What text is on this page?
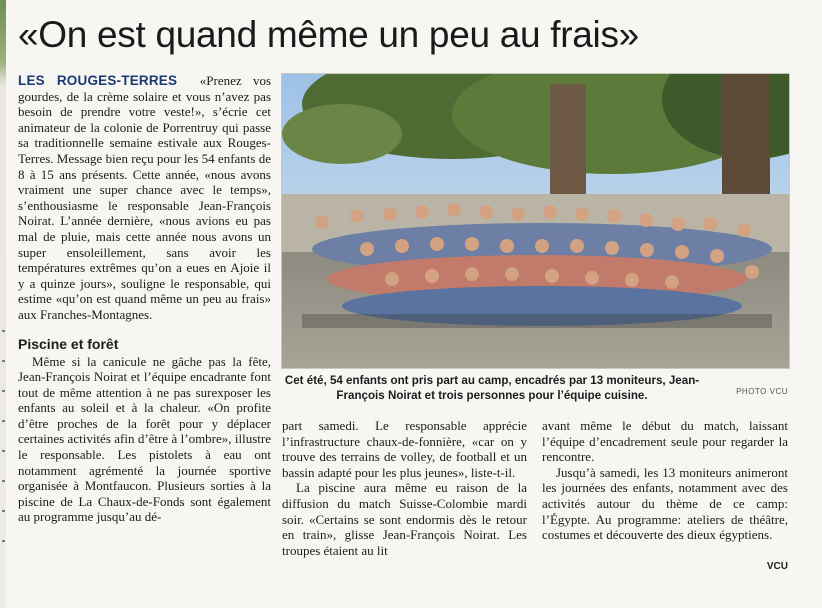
«On est quand même un peu au frais»

LES ROUGES-TERRES «Prenez vos gourdes, de la crème solaire et vous n’avez pas besoin de prendre votre veste!», s’écrie cet animateur de la colonie de Porrentruy qui passe sa traditionnelle semaine estivale aux Rouges-Terres. Message bien reçu pour les 54 enfants de 8 à 15 ans présents. Cette année, «nous avons vraiment une super chance avec le temps», s’enthousiasme le responsable Jean-François Noirat. L’année dernière, «nous avions eu pas mal de pluie, mais cette année nous avons un super ensoleillement, sans avoir les températures extrêmes qu’on a eues en Ajoie il y a quinze jours», souligne le responsable, qui estime «qu’on est quand même un peu au frais» aux Franches-Montagnes.

Piscine et forêt

Même si la canicule ne gâche pas la fête, Jean-François Noirat et l’équipe encadrante font tout de même attention à ne pas surexposer les enfants au soleil et à la chaleur. «On profite d’être proches de la forêt pour y déplacer certaines activités afin d’être à l’ombre», illustre le responsable. Les pistolets à eau ont notamment agrémenté la journée sportive organisée à Montfaucon. Plusieurs sorties à la piscine de La Chaux-de-Fonds sont également au programme jusqu’au dé-

Cet été, 54 enfants ont pris part au camp, encadrés par 13 moniteurs, Jean-François Noirat et trois personnes pour l’équipe cuisine.	PHOTO VCU

part samedi. Le responsable apprécie l’infrastructure chaux-de-fonnière, «car on y trouve des terrains de volley, de football et un bassin adapté pour les plus jeunes», liste-t-il.

La piscine aura même eu raison de la diffusion du match Suisse-Colombie mardi soir. «Certains se sont endormis dès le retour en train», glisse Jean-François Noirat. Les troupes étaient au lit

avant même le début du match, laissant l’équipe d’encadrement seule pour regarder la rencontre.

Jusqu’à samedi, les 13 moniteurs animeront les journées des enfants, notamment avec des activités autour du thème de ce camp: l’Égypte. Au programme: ateliers de théâtre, costumes et découverte des dieux égyptiens.

VCU
